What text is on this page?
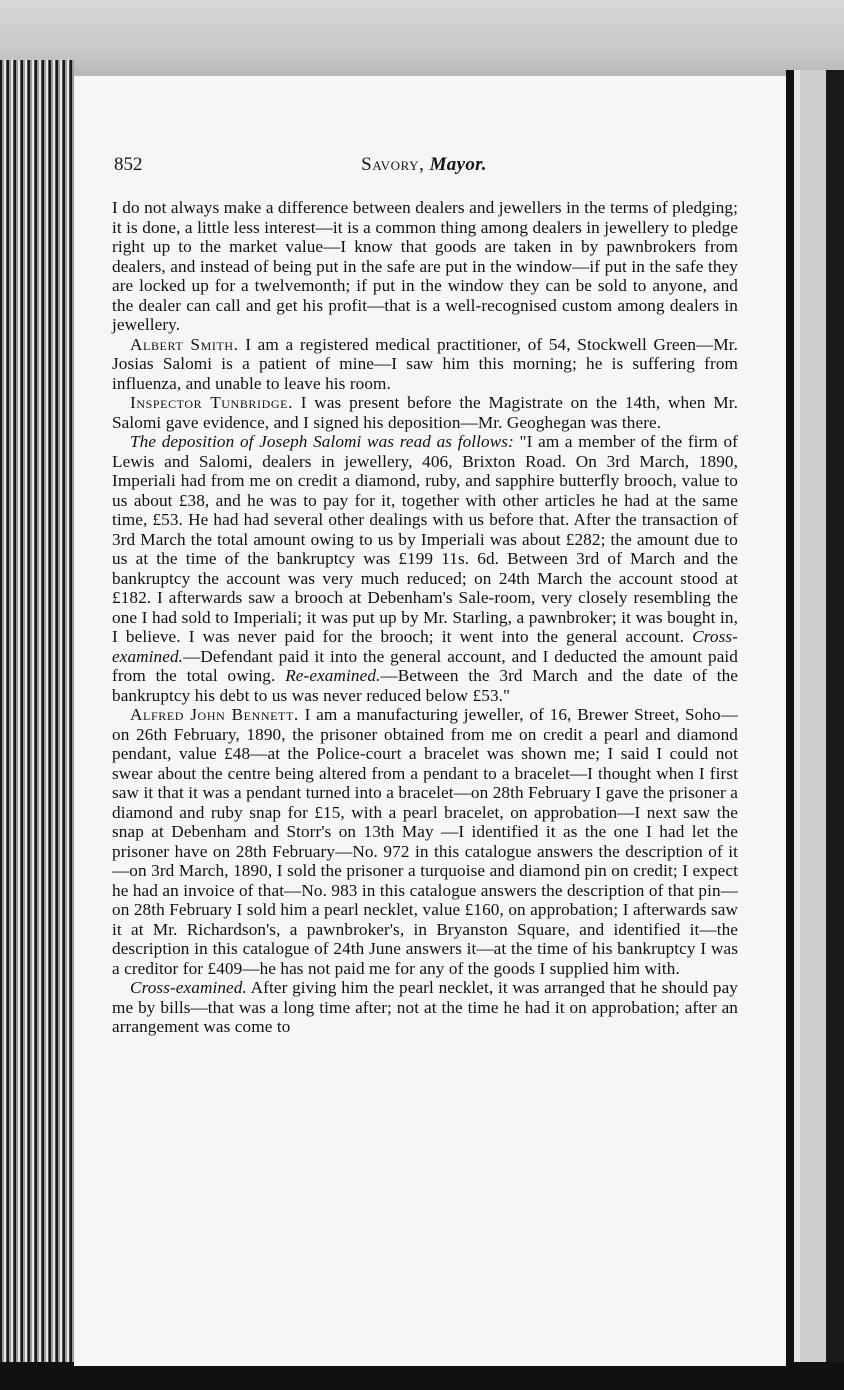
852	Savory, Mayor.

I do not always make a difference between dealers and jewellers in the terms of pledging; it is done, a little less interest—it is a common thing among dealers in jewellery to pledge right up to the market value—I know that goods are taken in by pawnbrokers from dealers, and instead of being put in the safe are put in the window—if put in the safe they are locked up for a twelvemonth; if put in the window they can be sold to anyone, and the dealer can call and get his profit—that is a well-recognised custom among dealers in jewellery.

Albert Smith. I am a registered medical practitioner, of 54, Stockwell Green—Mr. Josias Salomi is a patient of mine—I saw him this morning; he is suffering from influenza, and unable to leave his room.

Inspector Tunbridge. I was present before the Magistrate on the 14th, when Mr. Salomi gave evidence, and I signed his deposition—Mr. Geoghegan was there.

The deposition of Joseph Salomi was read as follows: "I am a member of the firm of Lewis and Salomi, dealers in jewellery, 406, Brixton Road. On 3rd March, 1890, Imperiali had from me on credit a diamond, ruby, and sapphire butterfly brooch, value to us about £38, and he was to pay for it, together with other articles he had at the same time, £53. He had had several other dealings with us before that. After the transaction of 3rd March the total amount owing to us by Imperiali was about £282; the amount due to us at the time of the bankruptcy was £199 11s. 6d. Between 3rd of March and the bankruptcy the account was very much reduced; on 24th March the account stood at £182. I afterwards saw a brooch at Debenham's Sale-room, very closely resembling the one I had sold to Imperiali; it was put up by Mr. Starling, a pawnbroker; it was bought in, I believe. I was never paid for the brooch; it went into the general account. Cross-examined.—Defendant paid it into the general account, and I deducted the amount paid from the total owing. Re-examined.—Between the 3rd March and the date of the bankruptcy his debt to us was never reduced below £53."

Alfred John Bennett. I am a manufacturing jeweller, of 16, Brewer Street, Soho—on 26th February, 1890, the prisoner obtained from me on credit a pearl and diamond pendant, value £48—at the Police-court a bracelet was shown me; I said I could not swear about the centre being altered from a pendant to a bracelet—I thought when I first saw it that it was a pendant turned into a bracelet—on 28th February I gave the prisoner a diamond and ruby snap for £15, with a pearl bracelet, on approbation—I next saw the snap at Debenham and Storr's on 13th May —I identified it as the one I had let the prisoner have on 28th February—No. 972 in this catalogue answers the description of it—on 3rd March, 1890, I sold the prisoner a turquoise and diamond pin on credit; I expect he had an invoice of that—No. 983 in this catalogue answers the description of that pin—on 28th February I sold him a pearl necklet, value £160, on approbation; I afterwards saw it at Mr. Richardson's, a pawnbroker's, in Bryanston Square, and identified it—the description in this catalogue of 24th June answers it—at the time of his bankruptcy I was a creditor for £409—he has not paid me for any of the goods I supplied him with.

Cross-examined. After giving him the pearl necklet, it was arranged that he should pay me by bills—that was a long time after; not at the time he had it on approbation; after an arrangement was come to
